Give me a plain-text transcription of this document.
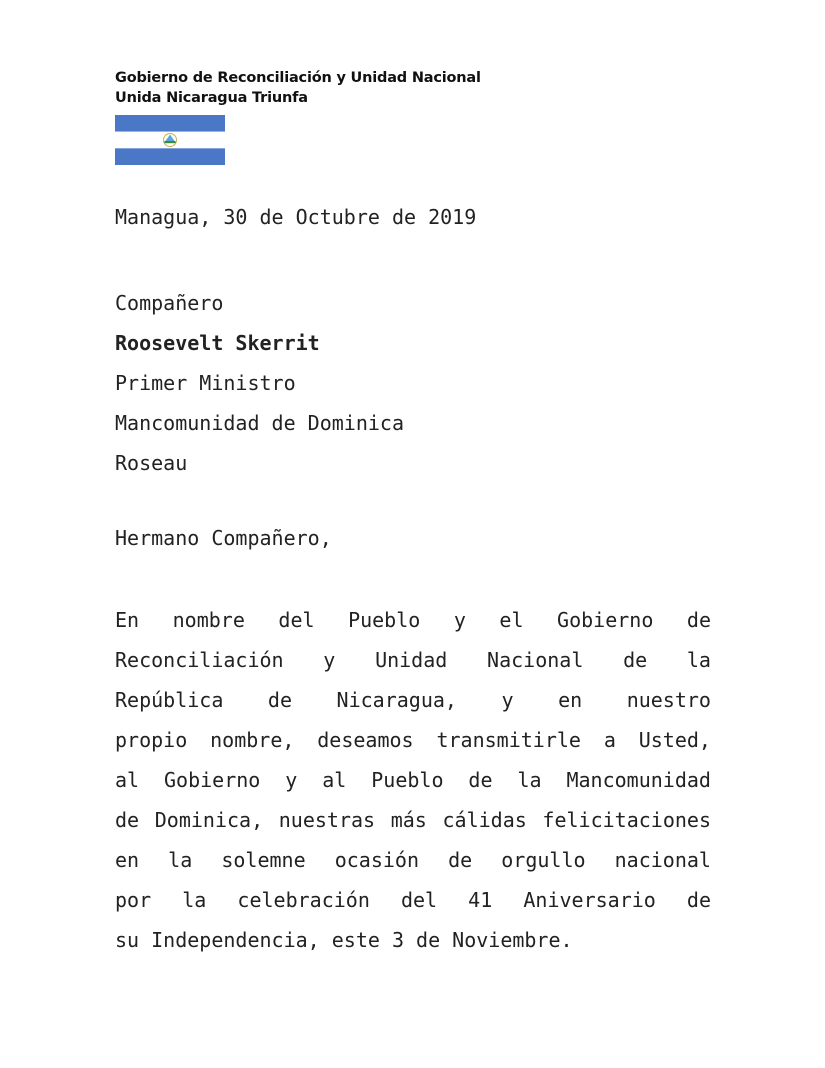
Gobierno de Reconciliación y Unidad Nacional
Unida Nicaragua Triunfa
Managua, 30 de Octubre de 2019
Compañero
Roosevelt Skerrit
Primer Ministro
Mancomunidad de Dominica
Roseau
Hermano Compañero,
En nombre del Pueblo y el Gobierno de
Reconciliación y Unidad Nacional de la
República de Nicaragua, y en nuestro
propio nombre, deseamos transmitirle a Usted,
al Gobierno y al Pueblo de la Mancomunidad
de Dominica, nuestras más cálidas felicitaciones
en la solemne ocasión de orgullo nacional
por la celebración del 41 Aniversario de
su Independencia, este 3 de Noviembre.
